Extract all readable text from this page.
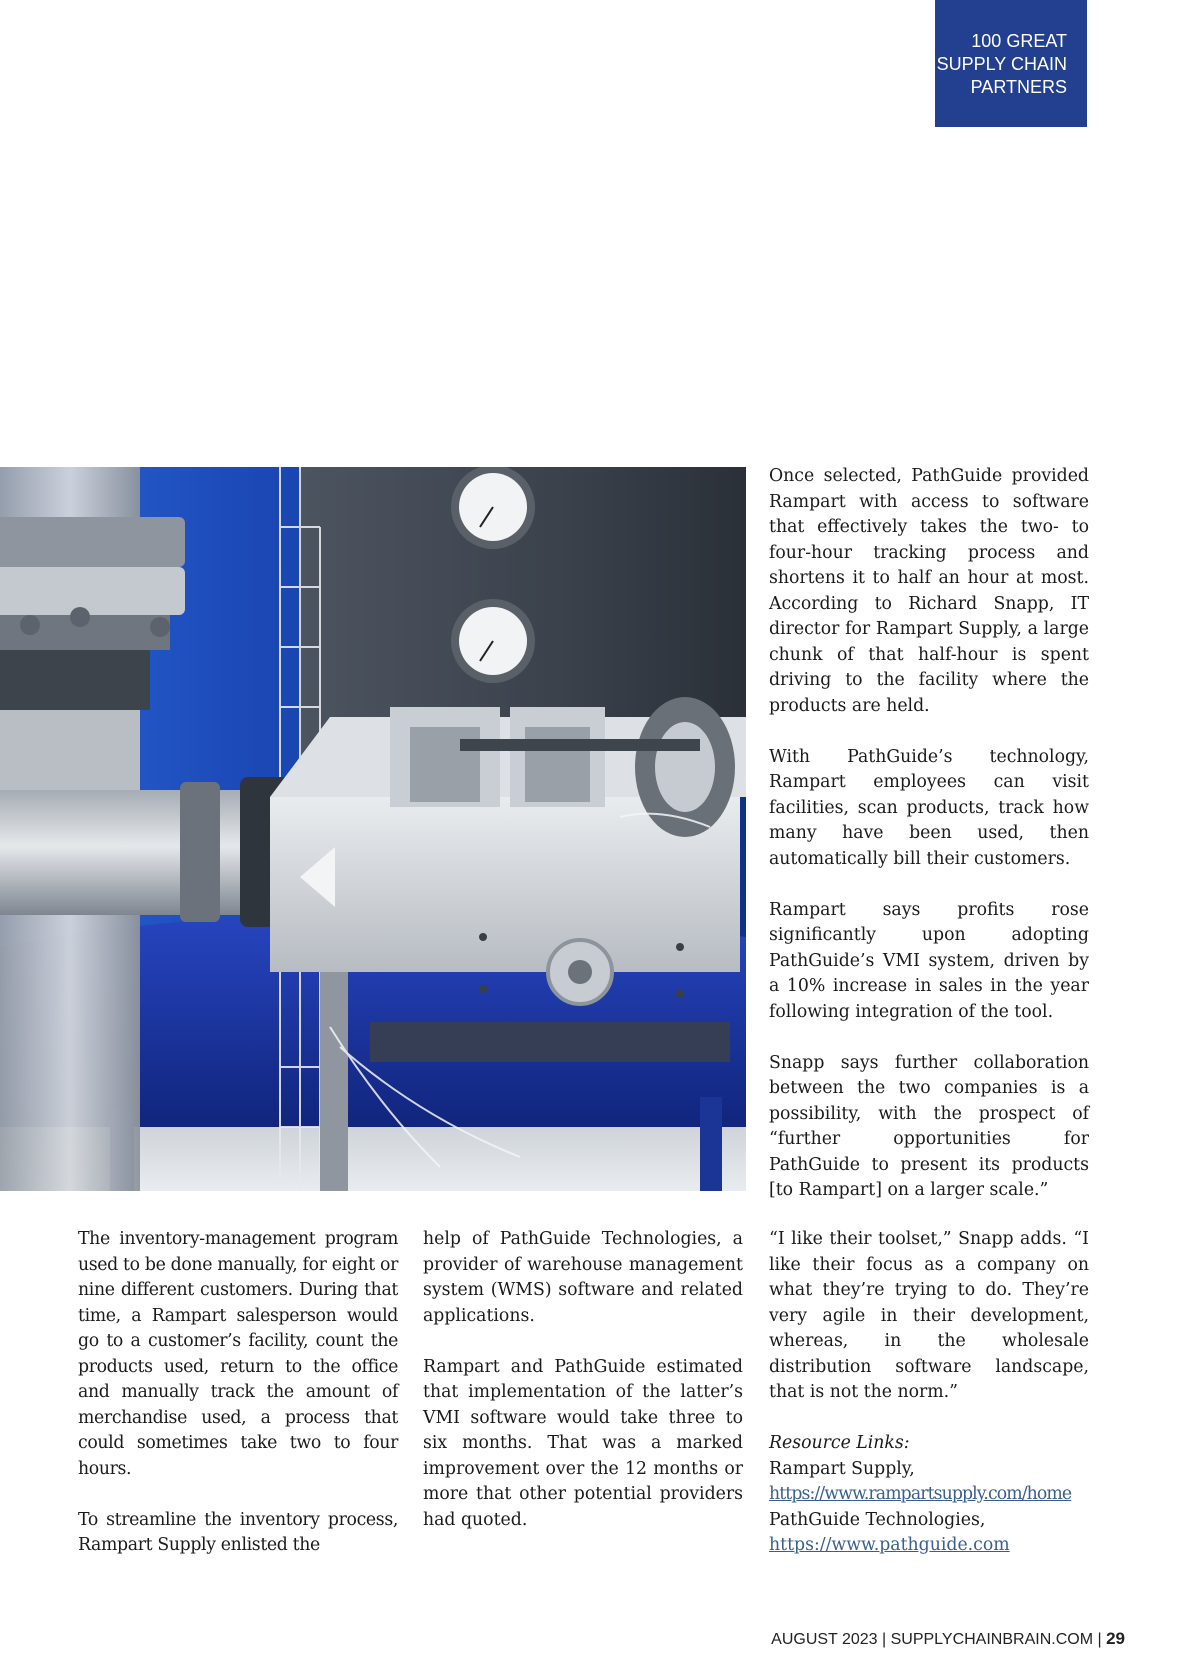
100 GREAT
SUPPLY CHAIN
PARTNERS

Once selected, PathGuide provided Rampart with access to software that effectively takes the two- to four-hour tracking process and shortens it to half an hour at most. According to Richard Snapp, IT director for Rampart Supply, a large chunk of that half-hour is spent driving to the facility where the products are held.

With PathGuide’s technology, Rampart employees can visit facilities, scan products, track how many have been used, then automatically bill their customers.

Rampart says profits rose significantly upon adopting PathGuide’s VMI system, driven by a 10% increase in sales in the year following integration of the tool.

Snapp says further collaboration between the two companies is a possibility, with the prospect of “further opportunities for PathGuide to present its products [to Rampart] on a larger scale.”

The inventory-management program used to be done manually, for eight or nine different customers. During that time, a Rampart salesperson would go to a customer’s facility, count the products used, return to the office and manually track the amount of merchandise used, a process that could sometimes take two to four hours.

To streamline the inventory process, Rampart Supply enlisted the

help of PathGuide Technologies, a provider of warehouse management system (WMS) software and related applications.

Rampart and PathGuide estimated that implementation of the latter’s VMI software would take three to six months. That was a marked improvement over the 12 months or more that other potential providers had quoted.

“I like their toolset,” Snapp adds. “I like their focus as a company on what they’re trying to do. They’re very agile in their development, whereas, in the wholesale distribution software landscape, that is not the norm.”

Resource Links:
Rampart Supply,
https://www.rampartsupply.com/home
PathGuide Technologies,
https://www.pathguide.com
AUGUST 2023 | SUPPLYCHAINBRAIN.COM | 29
